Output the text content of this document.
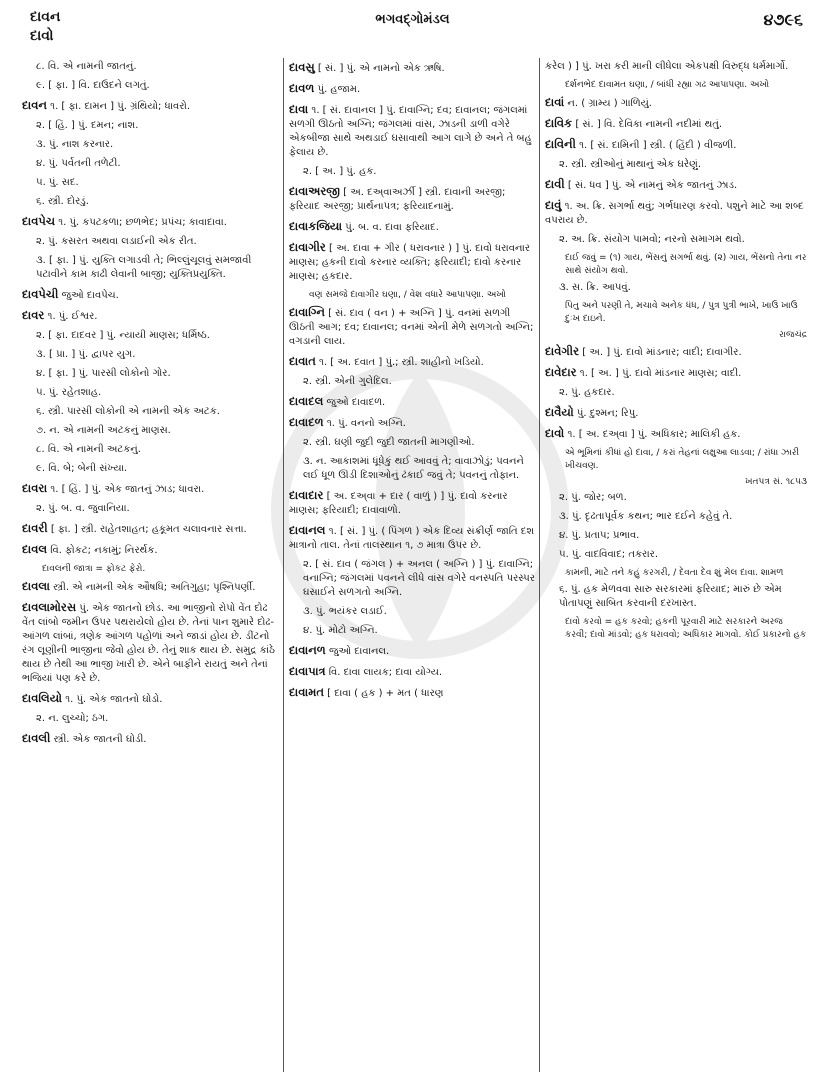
દાવન
દાવો
ભગવદ્ગોમંડલ	૪૭૯૬
૮. વિ. એ નામની જાતનું.
૯. [ ફા. ] વિ. દાઉદને લગતું.
દાવન ૧. [ ફા. દામન ] પું. ગ્રંથિયો; ધાવરો.
૨. [ હિં. ] પું. દમન; નાશ.
૩. પું. નાશ કરનાર.
૪. પું. પર્વતની તળેટી.
૫. પું. સદ.
૬. સ્ત્રી. દોરડું.
દાવપેચ ૧. પું. કપટકળા; છળભેદ; પ્રપંચ; કાવાદાવા.
૨. પું. કસરત અથવા લડાઈની એક રીત.
૩. [ ફા. ] પું. યુક્તિ લગાડવી તે; ભિલ્લુંચૂલવું સમજાવી પટાવીને કામ કાઢી લેવાની બાજી; યુક્તિપ્રયુક્તિ.
દાવપેચી જુઓ દાવપેચ.
દાવર ૧. પું. ઈશ્વર.
૨. [ ફા. દાદવર ] પું. ન્યાયી માણસ; ધર્મિષ્ઠ.
૩. [ પ્રા. ] પું. દ્વાપર યુગ.
૪. [ ફા. ] પું. પારસી લોકોનો ગોર.
૫. પું. રહેતશાહ.
૬. સ્ત્રી. પારસી લોકોની એ નામની એક અટક.
૭. ન. એ નામની અટકનું માણસ.
૮. વિ. એ નામની અટકનું.
૯. વિ. બે; બેની સંખ્યા.
દાવરા ૧. [ હિં. ] પું. એક જાતનું ઝાડ; ધાવરા.
૨. પું. બ. વ. જુવાનિયા.
દાવરી [ ફા. ] સ્ત્રી. રાહેતશાહત; હકૂમત ચલાવનાર સત્તા.
દાવલ વિ. ફોકટ; નકામું; નિરર્થક.
દાવલની જાત્રા = ફોકટ ફેરો.
દાવલા સ્ત્રી. એ નામની એક ઔષધિ; અતિગુહા; પૃશ્નિપર્ણી.
દાવલામોરસ પું. એક જાતનો છોડ. આ ભાજીનો રોપો વેંત દોઢ વેંત લાંબો જમીન ઉપર પથરાયેલો હોય છે. તેનાં પાન શુમારે દોઢ-આંગળ લાંબાં, ત્રણેક આંગળ પહોળાં અને જાડાં હોય છે. ડીંટનો રંગ લૂણીની ભાજીના જેવો હોય છે. તેનું શાક થાય છે. સમુદ્ર કાંઠે થાય છે તેથી આ ભાજી ખારી છે. એને બાફીને રાયતું અને તેનાં ભજિયાં પણ કરે છે.
દાવલિયો ૧. પું. એક જાતનો ઘોડો.
૨. ન. લુચ્ચો; ઠગ.
દાવલી સ્ત્રી. એક જાતની ઘોડી.
દાવસુ [ સં. ] પું. એ નામનો એક ઋષિ.
દાવળ પું. હજામ.
દાવા ૧. [ સં. દાવાનલ ] પું. દાવાગ્નિ; દવ; દાવાનલ; જંગલમાં સળગી ઊઠતો અગ્નિ; જંગલમાં વાંસ, ઝાડની ડાળી વગેરે એકબીજા સાથે અથડાઈ ઘસાવાથી આગ લાગે છે અને તે બહુ ફેલાય છે.
૨. [ અ. ] પું. હક.
દાવાઅરજી [ અ. દઅ્વાઅર્ઝી ] સ્ત્રી. દાવાની અરજી; ફરિયાદ અરજી; પ્રાર્થનાપત્ર; ફરિયાદનામું.
દાવાકજિયા પું. બ. વ. દાવા ફરિયાદ.
દાવાગીર [ અ. દાવા + ગીર ( ધરાવનાર ) ] પું. દાવો ધરાવનાર માણસ; હકની દાવો કરનાર વ્યક્તિ; ફરિયાદી; દાવો કરનાર માણસ; હકદાર.
વણ સમજે દાવાગીર ઘણા, / વેશ વધારે આપાપણા. અખો
દાવાગ્નિ [ સં. દાવ ( વન ) + અગ્નિ ] પું. વનમાં સળગી ઊઠતી આગ; દવ; દાવાનલ; વનમાં એની મેળે સળગતો અગ્નિ; વગડાની લાય.
દાવાત ૧. [ અ. દવાત ] પું.; સ્ત્રી. શાહીનો ખડિયો.
૨. સ્ત્રી. એની ગુલેદિલ.
દાવાદલ જુઓ દાવાદળ.
દાવાદળ ૧. પું. વનનો અગ્નિ.
૨. સ્ત્રી. ઘણી જુદી જુદી જાતની માગણીઓ.
૩. ન. આકાશમાં ધૂંધેકું થઈ આવવું તે; વાવાઝોડું; પવનને લઈ ધૂળ ઊડી દિશાઓનું ઢંકાઈ જવું તે; પવનનું તોફાન.
દાવાદાર [ અ. દઅ્વા + દાર ( વાળું ) ] પું. દાવો કરનાર માણસ; ફરિયાદી; દાવાવાળો.
દાવાનલ ૧. [ સં. ] પું. ( પિંગળ ) એક દિવ્ય સંક્રીર્ણ જાતિ દશ માત્રાનો તાલ. તેનાં તાલસ્થાન ૧, ૭ માત્રા ઉપર છે.
૨. [ સં. દાવ ( જંગલ ) + અનલ ( અગ્નિ ) ] પું. દાવાગ્નિ; વનાગ્નિ; જંગલમાં પવનને લીધે વાંસ વગેરે વનસ્પતિ પરસ્પર ઘસાઈને સળગતો અગ્નિ.
૩. પું. ભયંકર લડાઈ.
૪. પું. મોટો અગ્નિ.
દાવાનળ જુઓ દાવાનલ.
દાવાપાત્ર વિ. દાવા લાયક; દાવા યોગ્ય.
દાવામત [ દાવા ( હક ) + મત ( ધારણ
કરેલ ) ] પું. ખરા કરી માની લીધેલા એકપક્ષી વિરુદ્ધ ધર્મમાર્ગો.
દર્શનભેદ દાવામત ઘણા, / બાંધી રહ્યા ગઢ આપાપણા. અખો
દાવાં ન. ( ગ્રામ્ય ) ગાળિયું.
દાવિક [ સં. ] વિ. દેવિકા નામની નદીમાં થતું.
દાવિની ૧. [ સં. દામિની ] સ્ત્રી. ( હિંદી ) વીજળી.
૨. સ્ત્રી. સ્ત્રીઓનું માથાનું એક ઘરેણું.
દાવી [ સં. ધવ ] પું. એ નામનું એક જાતનું ઝાડ.
દાવું ૧. અ. ક્રિ. સગર્ભા થવું; ગર્ભધારણ કરવો. પશુને માટે આ શબ્દ વપરાય છે.
૨. અ. ક્રિ. સંયોગ પામવો; નરનો સમાગમ થવો.
દાઈ જવું = (૧) ગાય, ભેંસનું સગર્ભા થવું. (૨) ગાય, ભેંસનો તેના નર સાથે સંયોગ થવો.
૩. સ. ક્રિ. આપવું.
પિતુ અને પરણી તે, મચાવે અનેક ધંધ, / પુત્ર પુત્રી ભાખે, ખાઉ ખાઉ દુઃખ દાઇને.
રાજચંદ્ર
દાવેગીર [ અ. ] પું. દાવો માંડનાર; વાદી; દાવાગીર.
દાવેદાર ૧. [ અ. ] પું. દાવો માંડનાર માણસ; વાદી.
૨. પું. હકદાર.
દાવૈયો પું. દુશ્મન; રિપુ.
દાવો ૧. [ અ. દઅ્વા ] પું. અધિકાર; માલિકી હક.
એ ભૂમિનાં કીધાં હો દાવા, / કરાં તેહનાં લક્ષુઆ લાડવા; / રાંધા ઝારી ખીચવણ.
ખતપત્ર સં. ૧૮૫૩
૨. પું. જોર; બળ.
૩. પું. દૃઢતાપૂર્વક કથન; ભાર દઈને કહેવું તે.
૪. પું. પ્રતાપ; પ્રભાવ.
૫. પું. વાદવિવાદ; તકરાર.
કામની, માટે તને કહું કરગરી, / દેવતા દેવ શું મેલ દાવા. શામળ
૬. પું. હક મેળવવા સારુ સરકારમાં ફરિયાદ; મારું છે એમ પોતાપણું સાબિત કરવાની દરખાસ્ત.
દાવો કરવો = હક કરવો; હકની પૂરવારી માટે સરકારને અરજ કરવી; દાવો માંડવો; હક ધરાવવો; અધિકાર માગવો. કોઈ પ્રકારનો હક
